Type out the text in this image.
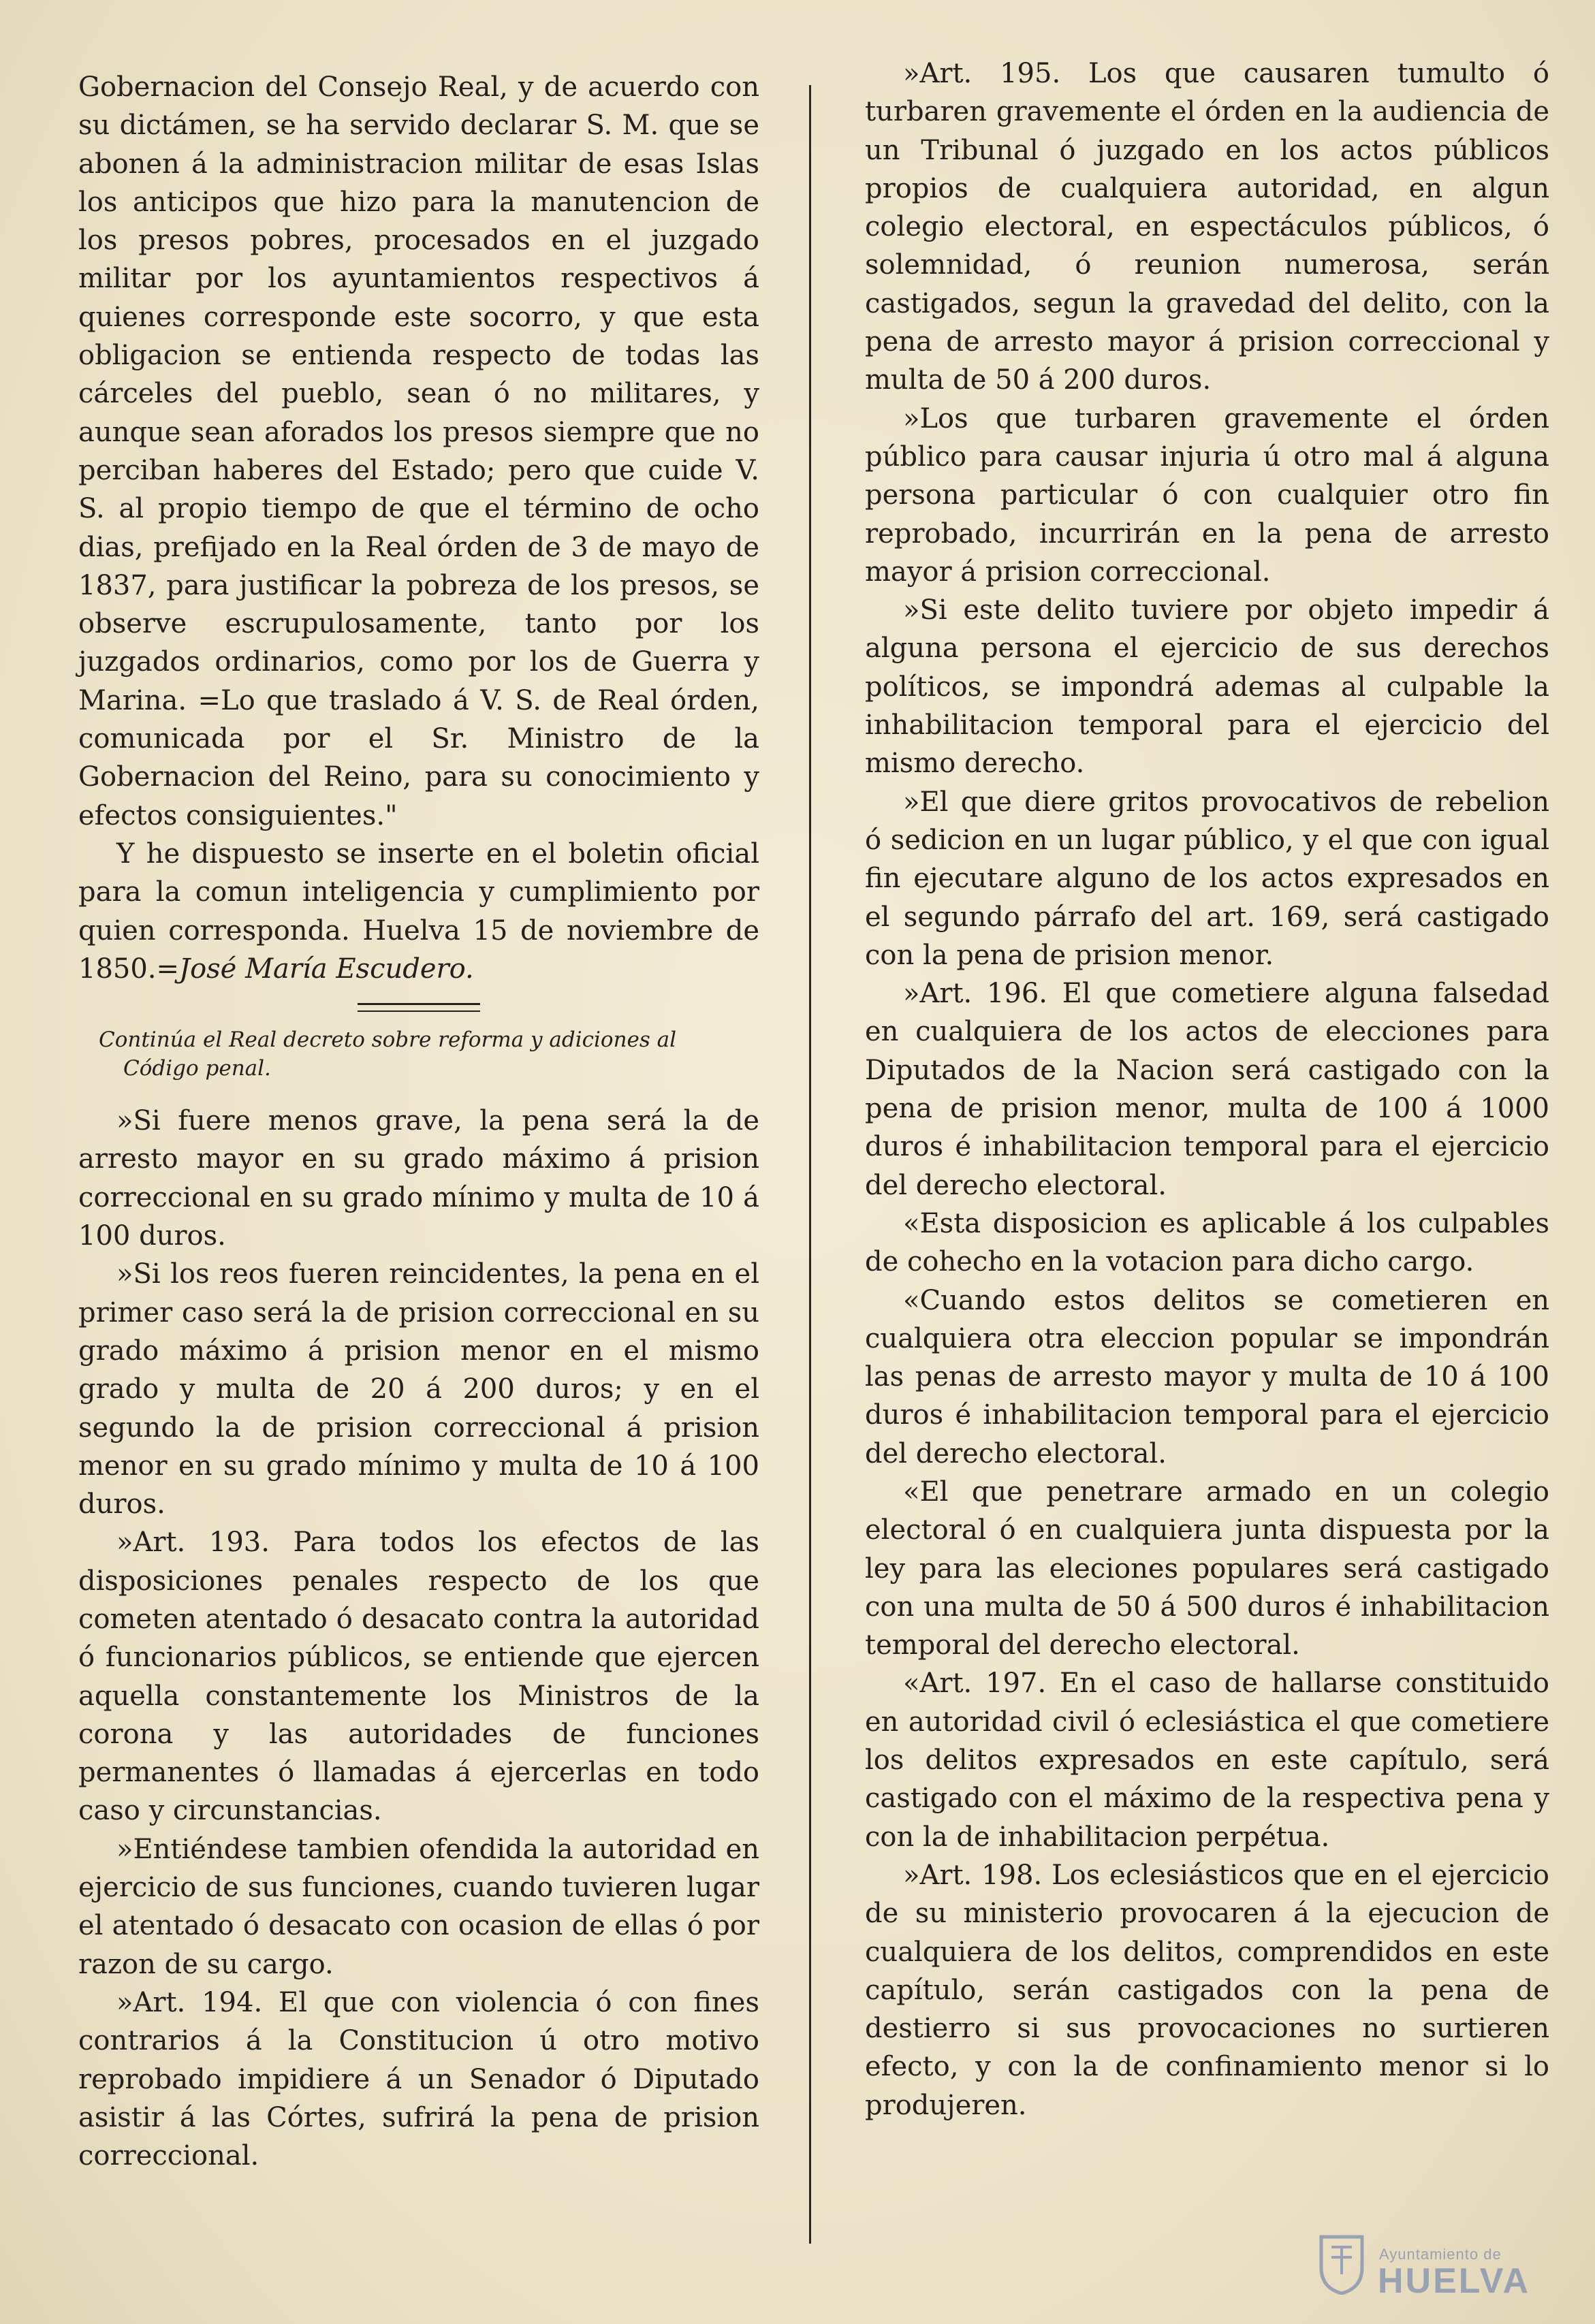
Gobernacion del Consejo Real, y de acuerdo con su dictámen, se ha servido declarar S. M. que se abonen á la administracion militar de esas Islas los anticipos que hizo para la manutencion de los presos pobres, procesados en el juzgado militar por los ayuntamientos respectivos á quienes corresponde este socorro, y que esta obligacion se entienda respecto de todas las cárceles del pueblo, sean ó no militares, y aunque sean aforados los presos siempre que no perciban haberes del Estado; pero que cuide V. S. al propio tiempo de que el término de ocho dias, prefijado en la Real órden de 3 de mayo de 1837, para justificar la pobreza de los presos, se observe escrupulosamente, tanto por los juzgados ordinarios, como por los de Guerra y Marina. =Lo que traslado á V. S. de Real órden, comunicada por el Sr. Ministro de la Gobernacion del Reino, para su conocimiento y efectos consiguientes."

Y he dispuesto se inserte en el boletin oficial para la comun inteligencia y cumplimiento por quien corresponda. Huelva 15 de noviembre de 1850.=José María Escudero.

Continúa el Real decreto sobre reforma y adiciones al
Código penal.

»Si fuere menos grave, la pena será la de arresto mayor en su grado máximo á prision correccional en su grado mínimo y multa de 10 á 100 duros.

»Si los reos fueren reincidentes, la pena en el primer caso será la de prision correccional en su grado máximo á prision menor en el mismo grado y multa de 20 á 200 duros; y en el segundo la de prision correccional á prision menor en su grado mínimo y multa de 10 á 100 duros.

»Art. 193. Para todos los efectos de las disposiciones penales respecto de los que cometen atentado ó desacato contra la autoridad ó funcionarios públicos, se entiende que ejercen aquella constantemente los Ministros de la corona y las autoridades de funciones permanentes ó llamadas á ejercerlas en todo caso y circunstancias.

»Entiéndese tambien ofendida la autoridad en ejercicio de sus funciones, cuando tuvieren lugar el atentado ó desacato con ocasion de ellas ó por razon de su cargo.

»Art. 194. El que con violencia ó con fines contrarios á la Constitucion ú otro motivo reprobado impidiere á un Senador ó Diputado asistir á las Córtes, sufrirá la pena de prision correccional.

»Art. 195. Los que causaren tumulto ó turbaren gravemente el órden en la audiencia de un Tribunal ó juzgado en los actos públicos propios de cualquiera autoridad, en algun colegio electoral, en espectáculos públicos, ó solemnidad, ó reunion numerosa, serán castigados, segun la gravedad del delito, con la pena de arresto mayor á prision correccional y multa de 50 á 200 duros.

»Los que turbaren gravemente el órden público para causar injuria ú otro mal á alguna persona particular ó con cualquier otro fin reprobado, incurrirán en la pena de arresto mayor á prision correccional.

»Si este delito tuviere por objeto impedir á alguna persona el ejercicio de sus derechos políticos, se impondrá ademas al culpable la inhabilitacion temporal para el ejercicio del mismo derecho.

»El que diere gritos provocativos de rebelion ó sedicion en un lugar público, y el que con igual fin ejecutare alguno de los actos expresados en el segundo párrafo del art. 169, será castigado con la pena de prision menor.

»Art. 196. El que cometiere alguna falsedad en cualquiera de los actos de elecciones para Diputados de la Nacion será castigado con la pena de prision menor, multa de 100 á 1000 duros é inhabilitacion temporal para el ejercicio del derecho electoral.

«Esta disposicion es aplicable á los culpables de cohecho en la votacion para dicho cargo.

«Cuando estos delitos se cometieren en cualquiera otra eleccion popular se impondrán las penas de arresto mayor y multa de 10 á 100 duros é inhabilitacion temporal para el ejercicio del derecho electoral.

«El que penetrare armado en un colegio electoral ó en cualquiera junta dispuesta por la ley para las eleciones populares será castigado con una multa de 50 á 500 duros é inhabilitacion temporal del derecho electoral.

«Art. 197. En el caso de hallarse constituido en autoridad civil ó eclesiástica el que cometiere los delitos expresados en este capítulo, será castigado con el máximo de la respectiva pena y con la de inhabilitacion perpétua.

»Art. 198. Los eclesiásticos que en el ejercicio de su ministerio provocaren á la ejecucion de cualquiera de los delitos, comprendidos en este capítulo, serán castigados con la pena de destierro si sus provocaciones no surtieren efecto, y con la de confinamiento menor si lo produjeren.

Ayuntamiento de
HUELVA
